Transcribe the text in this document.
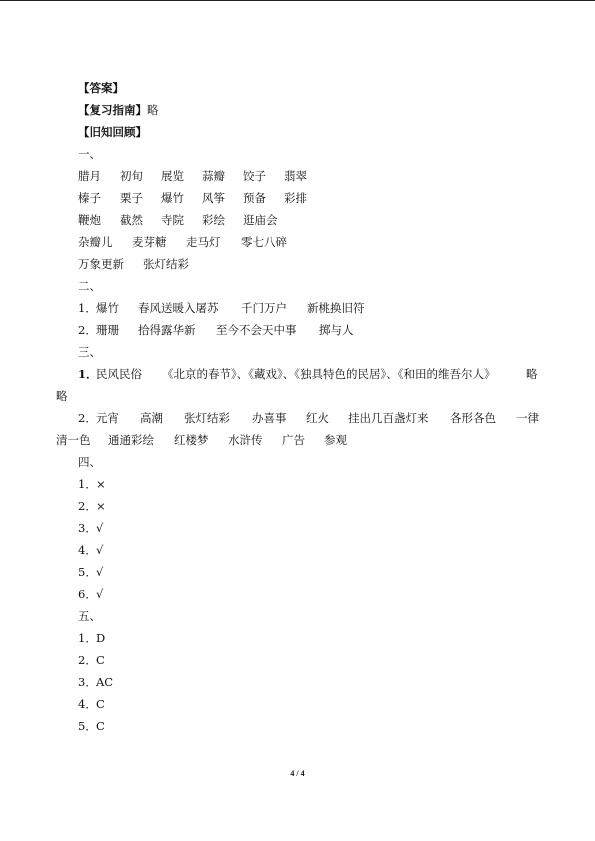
【答案】
【复习指南】略
【旧知回顾】
一、
腊月 初旬 展览 蒜瓣 饺子 翡翠
榛子 栗子 爆竹 风筝 预备 彩排
鞭炮 截然 寺院 彩绘 逛庙会
杂瓣儿 麦芽糖 走马灯 零七八碎
万象更新 张灯结彩
二、
1．爆竹 春风送暖入屠苏 千门万户 新桃换旧符
2．珊珊 拾得露华新 至今不会天中事 掷与人
三、
1．民风民俗 《北京的春节》、《藏戏》、《独具特色的民居》、《和田的维吾尔人》	略
略
2．元宵 高潮 张灯结彩 办喜事 红火 挂出几百盏灯来 各形各色 一律
清一色 通通彩绘 红楼梦 水浒传 广告 参观
四、
1．×
2．×
3．√
4．√
5．√
6．√
五、
1．D
2．C
3．AC
4．C
5．C
4 / 4
